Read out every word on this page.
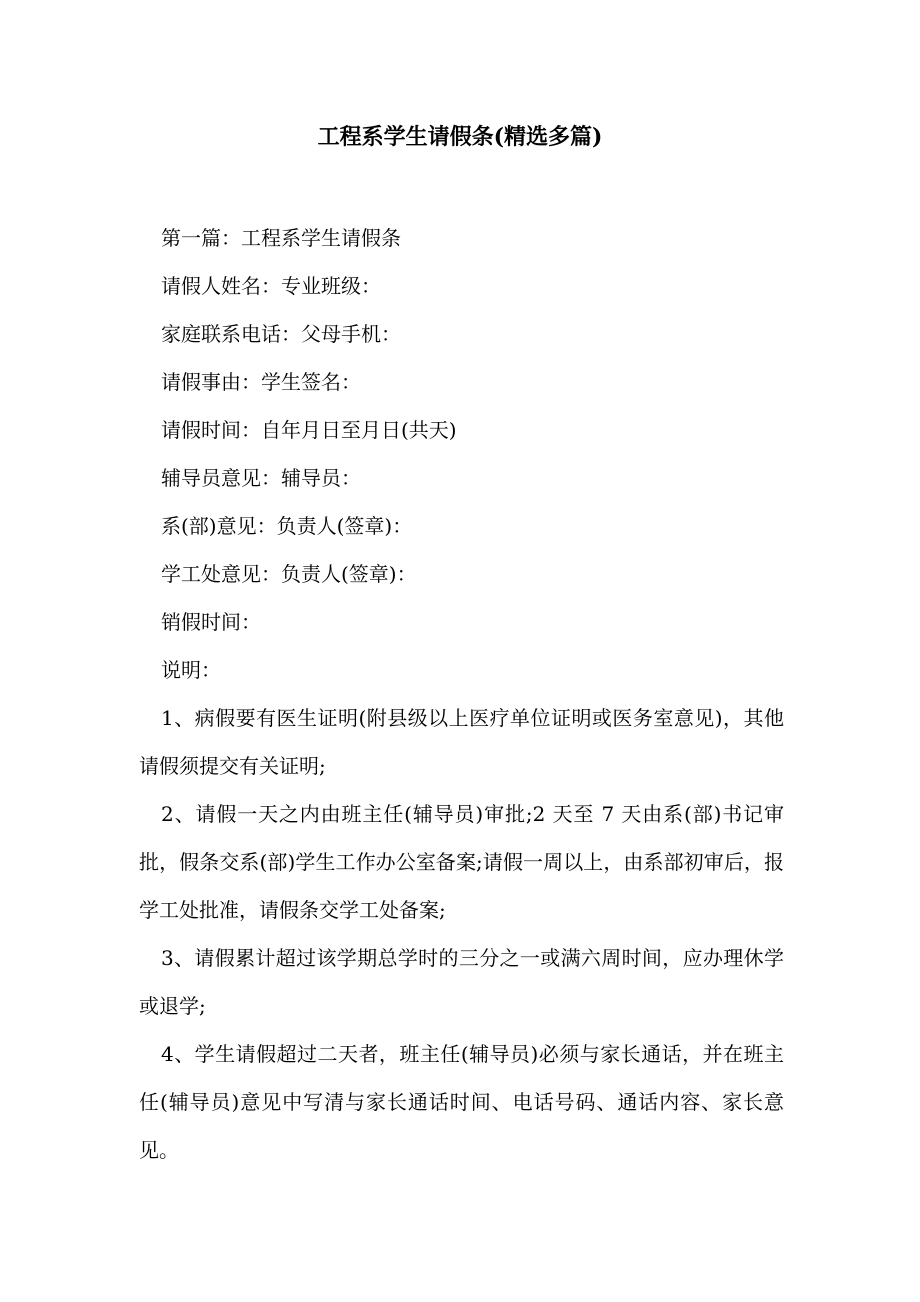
工程系学生请假条(精选多篇)

第一篇：工程系学生请假条

请假人姓名：专业班级：

家庭联系电话：父母手机：

请假事由：学生签名：

请假时间：自年月日至月日(共天)

辅导员意见：辅导员：

系(部)意见：负责人(签章)：

学工处意见：负责人(签章)：

销假时间：

说明：

1、病假要有医生证明(附县级以上医疗单位证明或医务室意见)，其他请假须提交有关证明;

2、请假一天之内由班主任(辅导员)审批;2 天至 7 天由系(部)书记审批，假条交系(部)学生工作办公室备案;请假一周以上，由系部初审后，报学工处批准，请假条交学工处备案;

3、请假累计超过该学期总学时的三分之一或满六周时间，应办理休学或退学;

4、学生请假超过二天者，班主任(辅导员)必须与家长通话，并在班主任(辅导员)意见中写清与家长通话时间、电话号码、通话内容、家长意见。
